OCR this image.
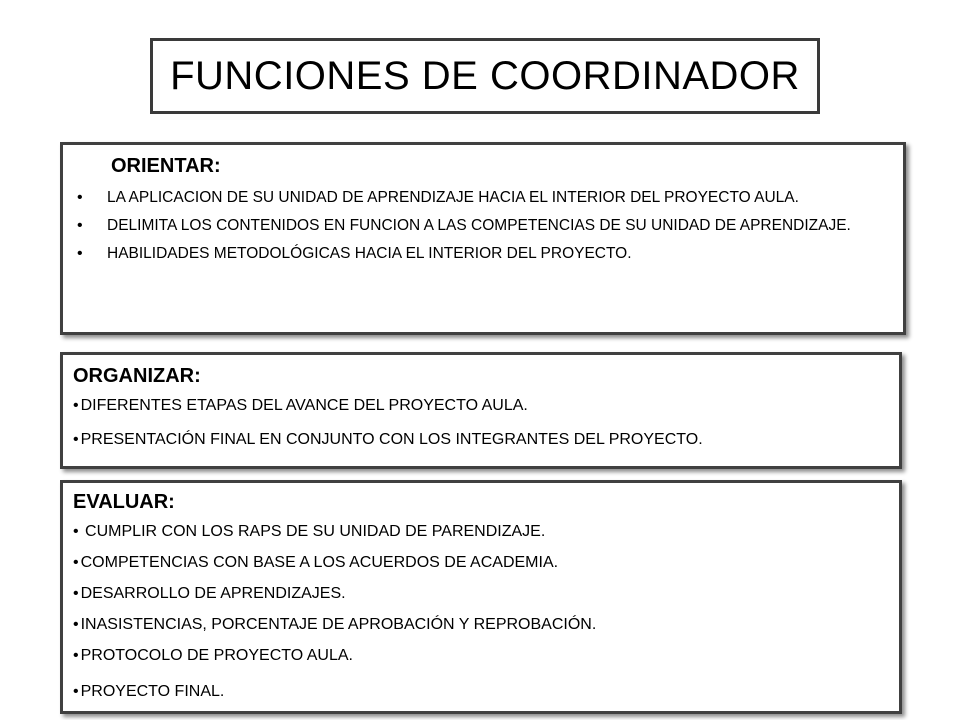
FUNCIONES DE COORDINADOR

ORIENTAR:

• LA APLICACION DE SU UNIDAD DE APRENDIZAJE HACIA EL INTERIOR DEL PROYECTO AULA.
• DELIMITA LOS CONTENIDOS EN FUNCION A LAS COMPETENCIAS DE SU UNIDAD DE APRENDIZAJE.
• HABILIDADES METODOLÓGICAS HACIA EL INTERIOR DEL PROYECTO.

ORGANIZAR:

• DIFERENTES ETAPAS DEL AVANCE DEL PROYECTO AULA.
• PRESENTACIÓN FINAL EN CONJUNTO CON LOS INTEGRANTES DEL PROYECTO.

EVALUAR:

• CUMPLIR CON LOS RAPS DE SU UNIDAD DE PARENDIZAJE.
• COMPETENCIAS CON BASE A LOS ACUERDOS DE ACADEMIA.
• DESARROLLO DE APRENDIZAJES.
• INASISTENCIAS, PORCENTAJE DE APROBACIÓN Y REPROBACIÓN.
• PROTOCOLO DE PROYECTO AULA.
• PROYECTO FINAL.
